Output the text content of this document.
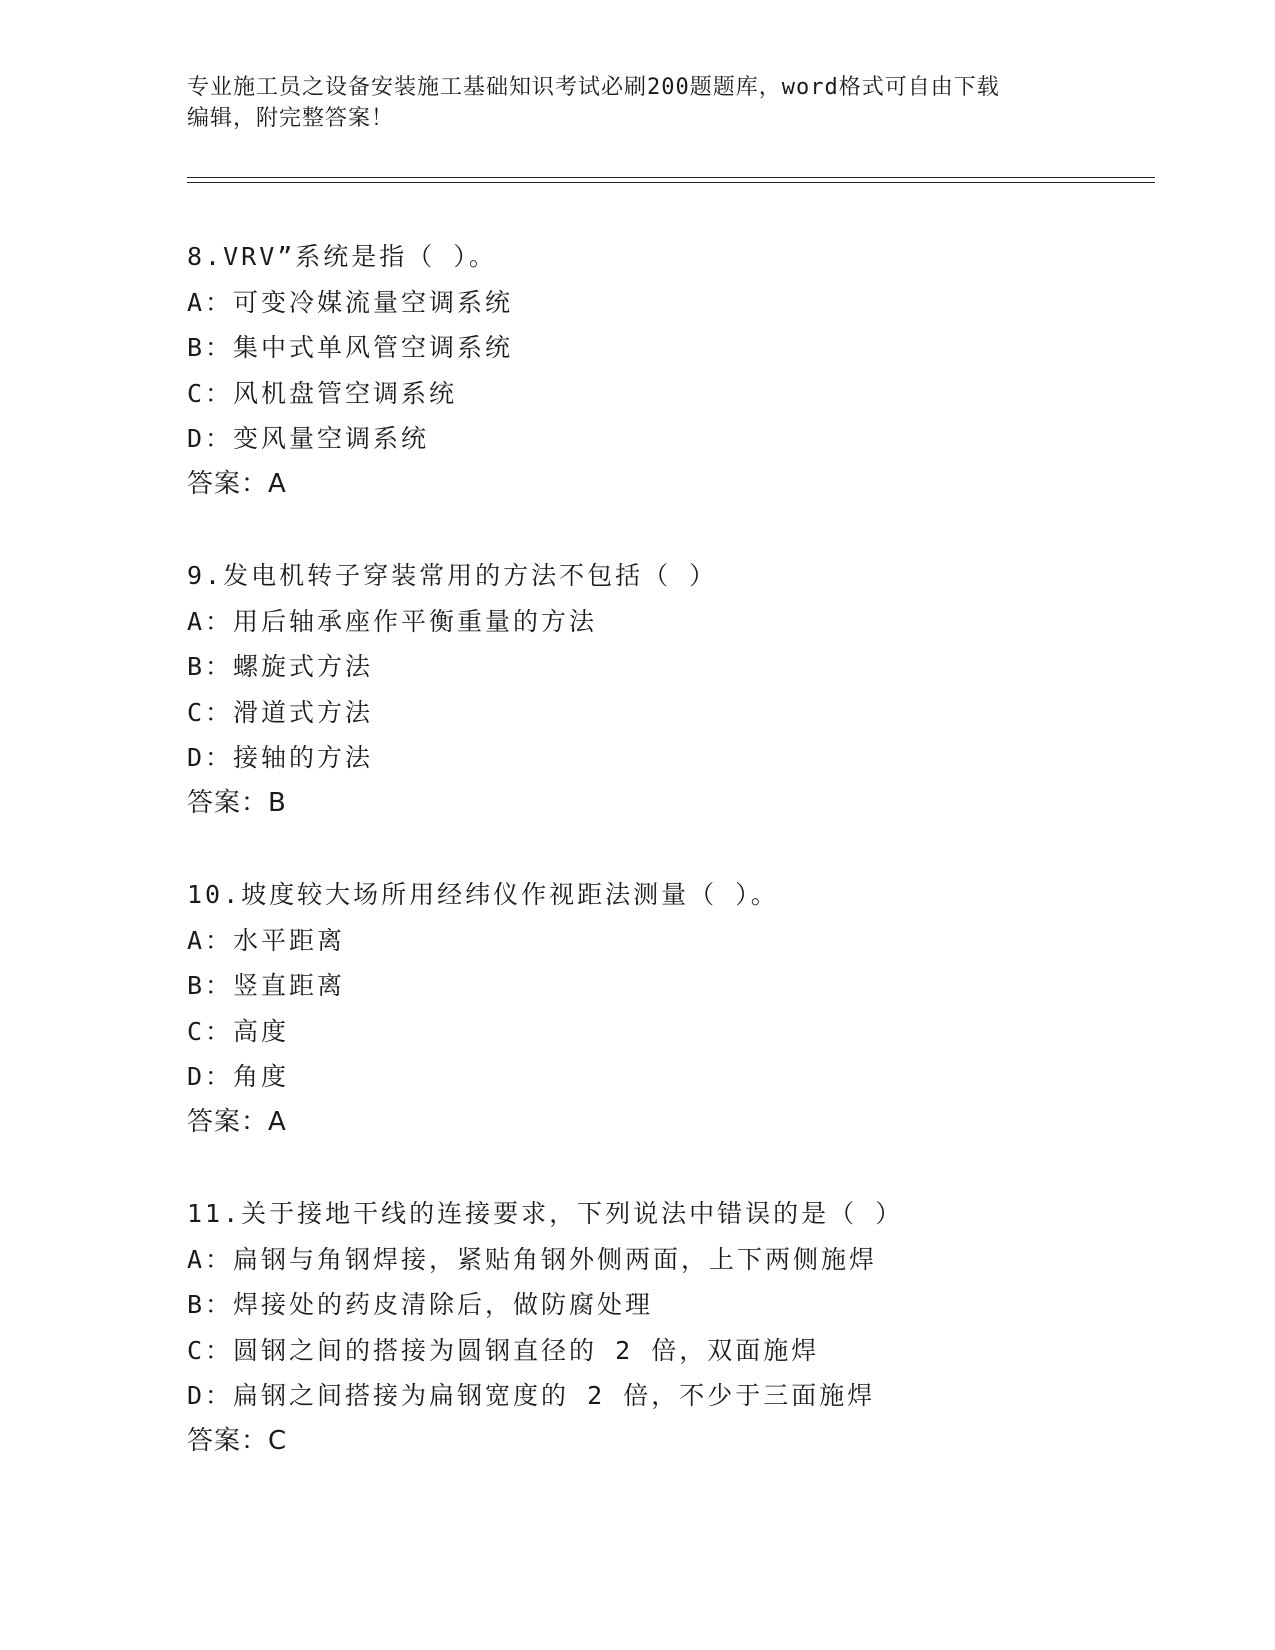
专业施工员之设备安装施工基础知识考试必刷200题题库，word格式可自由下载
编辑，附完整答案！
8.VRV”系统是指（ ）。
A：可变冷媒流量空调系统
B：集中式单风管空调系统
C：风机盘管空调系统
D：变风量空调系统
答案：A
9.发电机转子穿装常用的方法不包括（ ）
A：用后轴承座作平衡重量的方法
B：螺旋式方法
C：滑道式方法
D：接轴的方法
答案：B
10.坡度较大场所用经纬仪作视距法测量（ ）。
A：水平距离
B：竖直距离
C：高度
D：角度
答案：A
11.关于接地干线的连接要求，下列说法中错误的是（ ）
A：扁钢与角钢焊接，紧贴角钢外侧两面，上下两侧施焊
B：焊接处的药皮清除后，做防腐处理
C：圆钢之间的搭接为圆钢直径的 2 倍，双面施焊
D：扁钢之间搭接为扁钢宽度的 2 倍，不少于三面施焊
答案：C
